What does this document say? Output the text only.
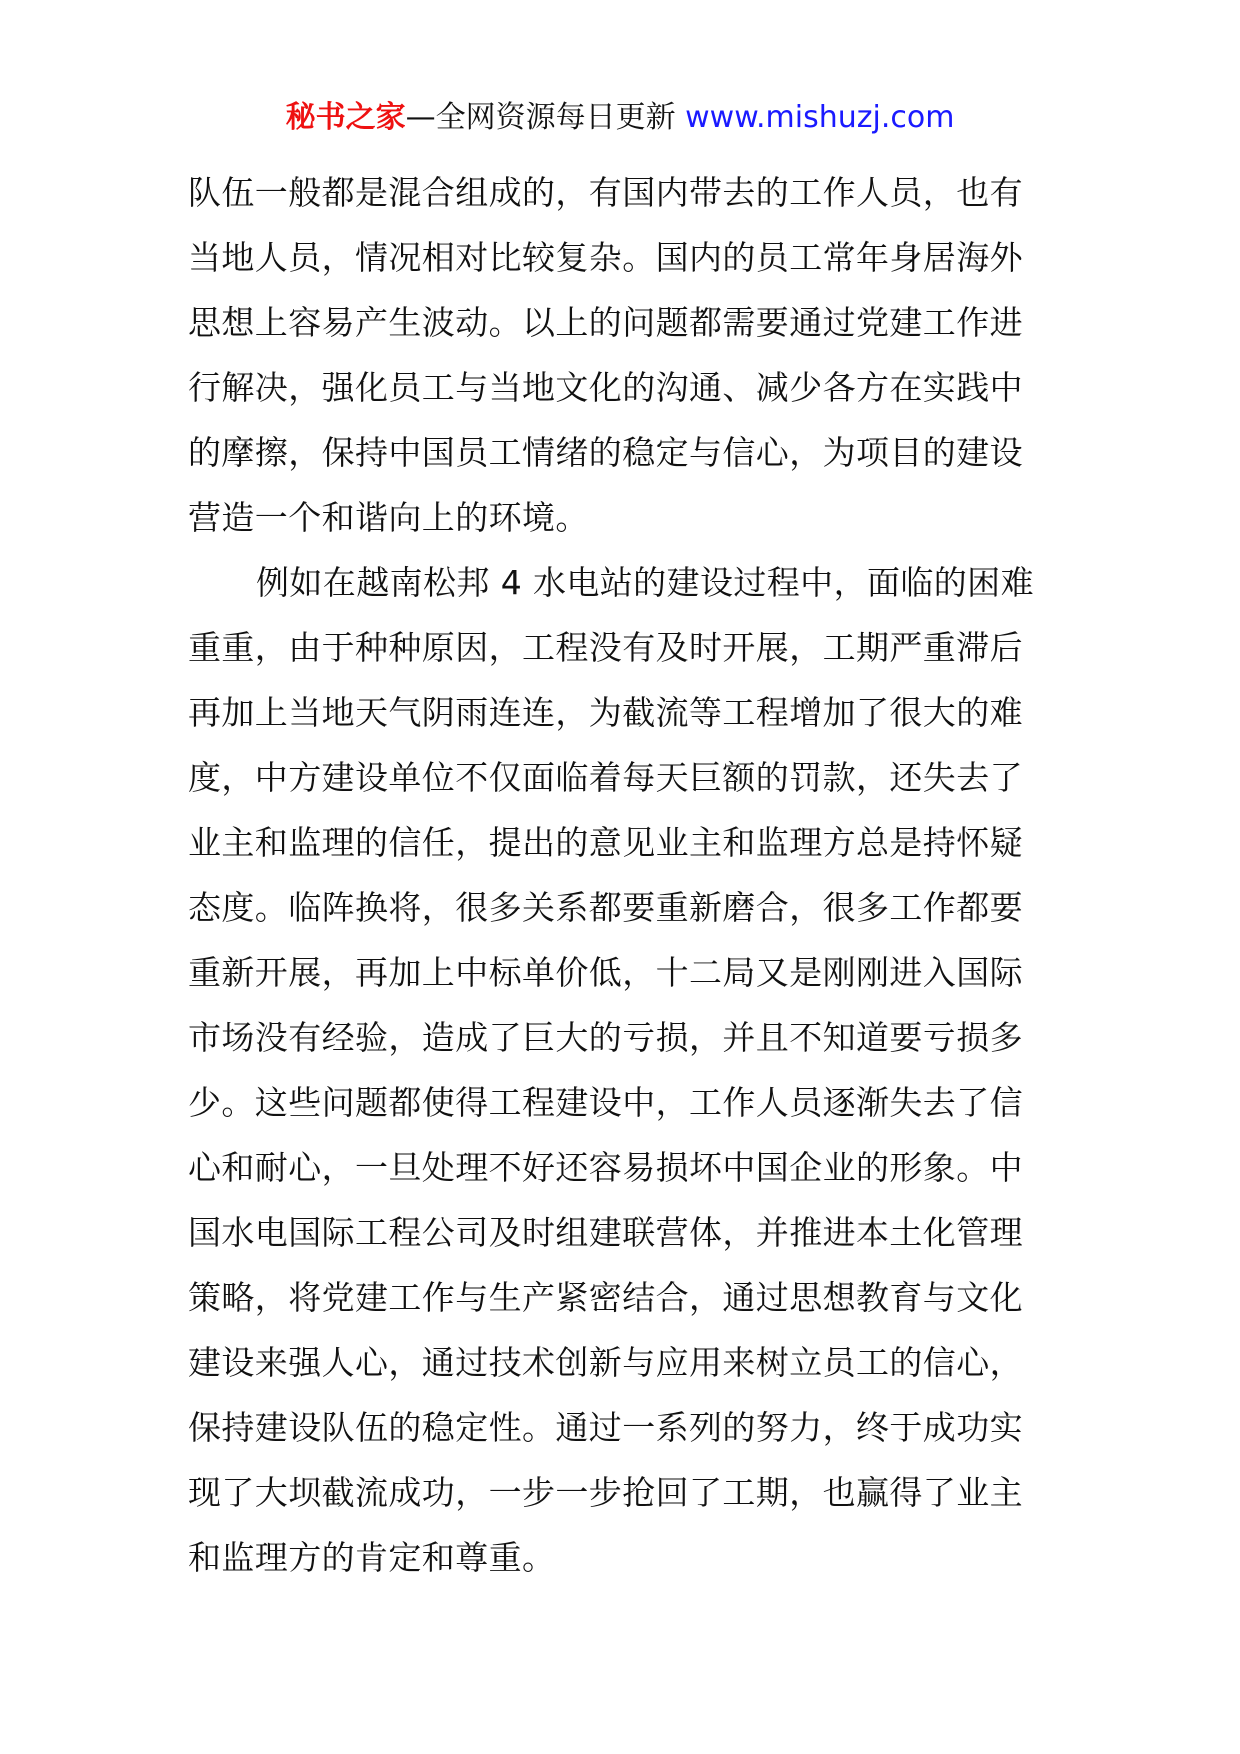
秘书之家—全网资源每日更新 www.mishuzj.com
队伍一般都是混合组成的，有国内带去的工作人员，也有
当地人员，情况相对比较复杂。国内的员工常年身居海外
思想上容易产生波动。以上的问题都需要通过党建工作进
行解决，强化员工与当地文化的沟通、减少各方在实践中
的摩擦，保持中国员工情绪的稳定与信心，为项目的建设
营造一个和谐向上的环境。
例如在越南松邦 4 水电站的建设过程中，面临的困难
重重，由于种种原因，工程没有及时开展，工期严重滞后
再加上当地天气阴雨连连，为截流等工程增加了很大的难
度，中方建设单位不仅面临着每天巨额的罚款，还失去了
业主和监理的信任，提出的意见业主和监理方总是持怀疑
态度。临阵换将，很多关系都要重新磨合，很多工作都要
重新开展，再加上中标单价低，十二局又是刚刚进入国际
市场没有经验，造成了巨大的亏损，并且不知道要亏损多
少。这些问题都使得工程建设中，工作人员逐渐失去了信
心和耐心，一旦处理不好还容易损坏中国企业的形象。中
国水电国际工程公司及时组建联营体，并推进本土化管理
策略，将党建工作与生产紧密结合，通过思想教育与文化
建设来强人心，通过技术创新与应用来树立员工的信心，
保持建设队伍的稳定性。通过一系列的努力，终于成功实
现了大坝截流成功，一步一步抢回了工期，也赢得了业主
和监理方的肯定和尊重。
